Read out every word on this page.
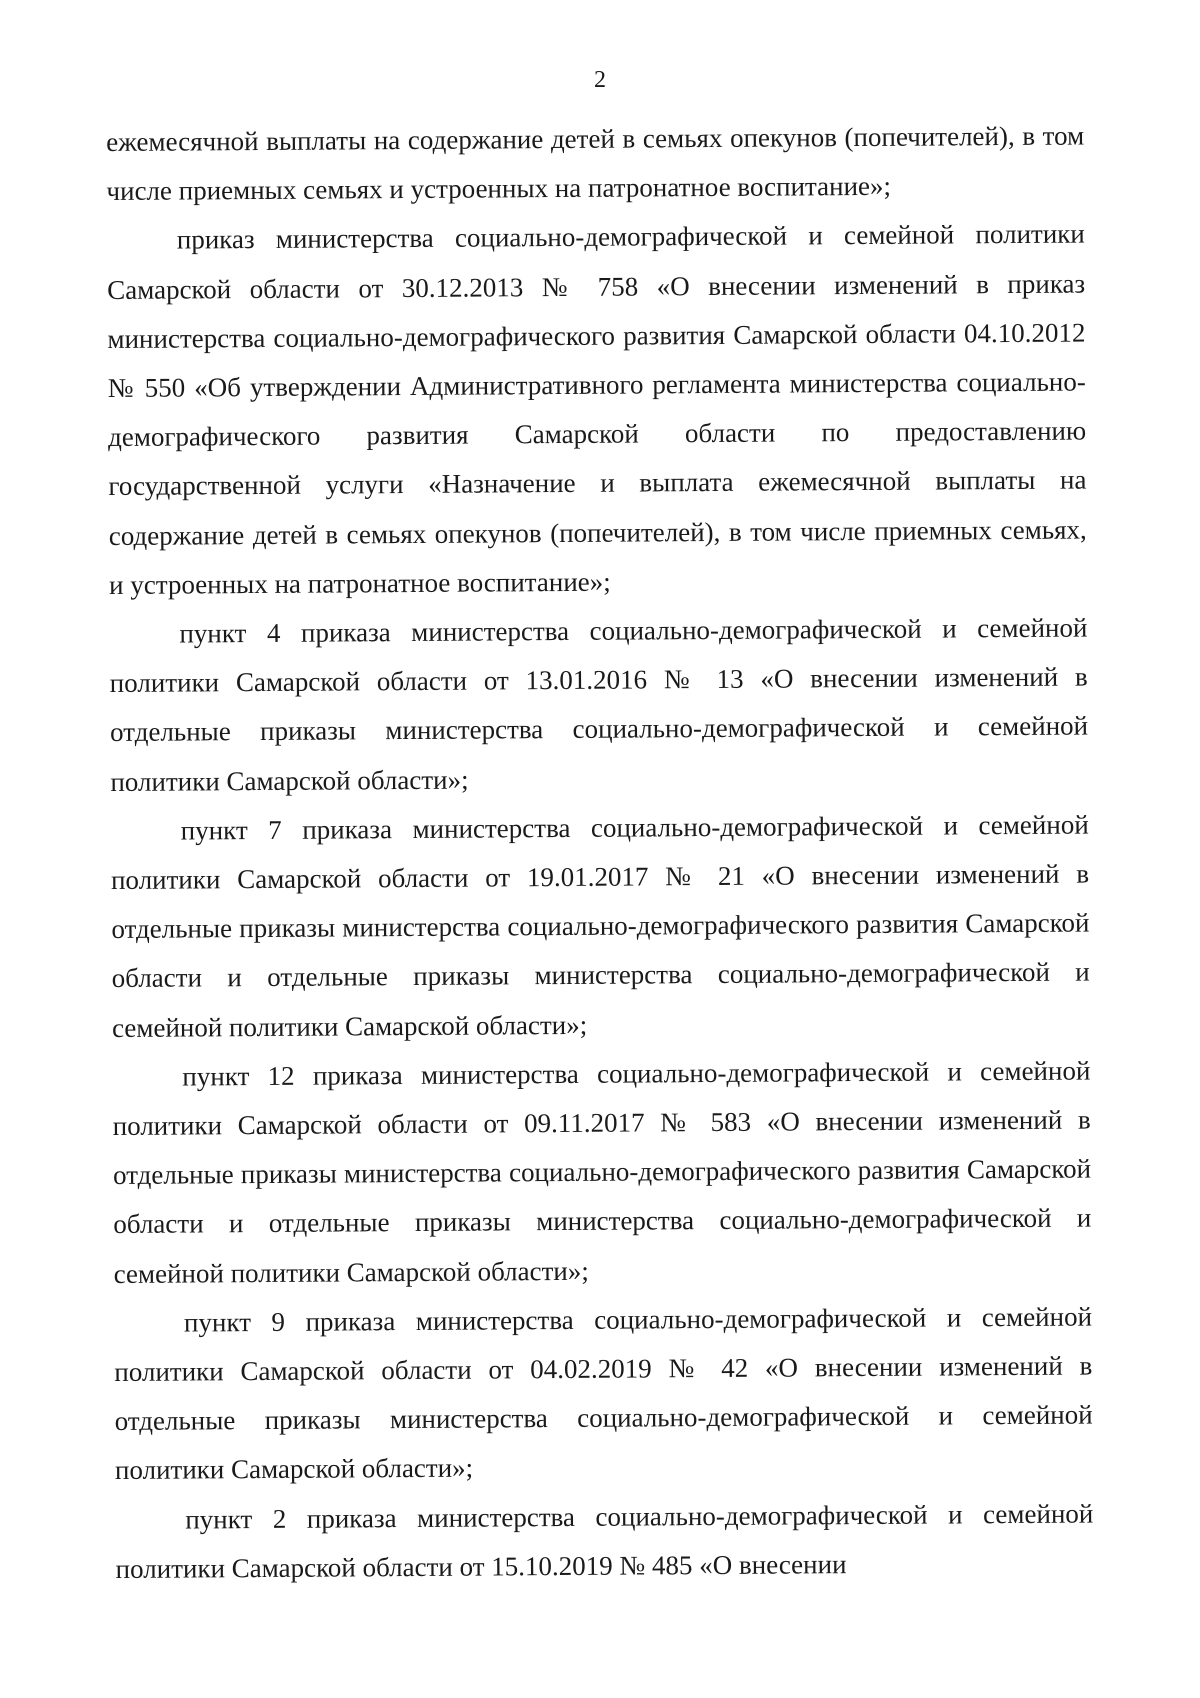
2

ежемесячной выплаты на содержание детей в семьях опекунов (попечителей), в том числе приемных семьях и устроенных на патронатное воспитание»;

приказ министерства социально-демографической и семейной политики Самарской области от 30.12.2013 № 758 «О внесении изменений в приказ министерства социально-демографического развития Самарской области 04.10.2012 № 550 «Об утверждении Административного регламента министерства социально-демографического развития Самарской области по предоставлению государственной услуги «Назначение и выплата ежемесячной выплаты на содержание детей в семьях опекунов (попечителей), в том числе приемных семьях, и устроенных на патронатное воспитание»;

пункт 4 приказа министерства социально-демографической и семейной политики Самарской области от 13.01.2016 № 13 «О внесении изменений в отдельные приказы министерства социально-демографической и семейной политики Самарской области»;

пункт 7 приказа министерства социально-демографической и семейной политики Самарской области от 19.01.2017 № 21 «О внесении изменений в отдельные приказы министерства социально-демографического развития Самарской области и отдельные приказы министерства социально-демографической и семейной политики Самарской области»;

пункт 12 приказа министерства социально-демографической и семейной политики Самарской области от 09.11.2017 № 583 «О внесении изменений в отдельные приказы министерства социально-демографического развития Самарской области и отдельные приказы министерства социально-демографической и семейной политики Самарской области»;

пункт 9 приказа министерства социально-демографической и семейной политики Самарской области от 04.02.2019 № 42 «О внесении изменений в отдельные приказы министерства социально-демографической и семейной политики Самарской области»;

пункт 2 приказа министерства социально-демографической и семейной политики Самарской области от 15.10.2019 № 485 «О внесении
